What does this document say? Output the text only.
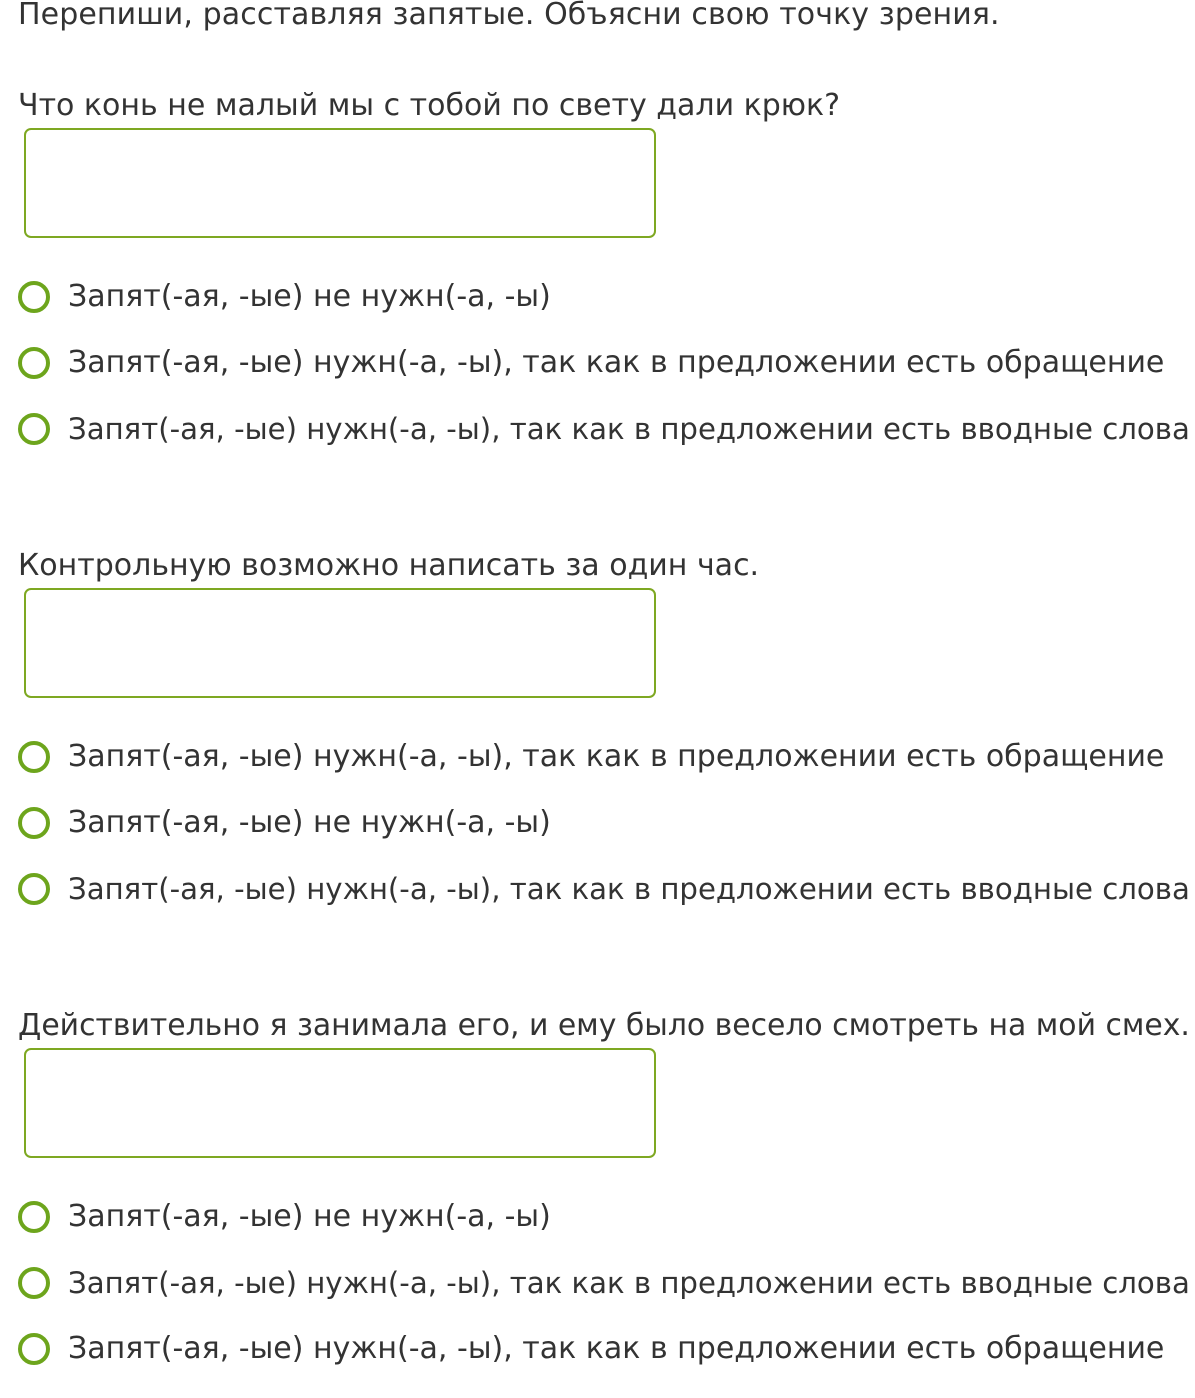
Перепиши, расставляя запятые. Объясни свою точку зрения.
Что конь не малый мы с тобой по свету дали крюк?
Запят(-ая, -ые) не нужн(-а, -ы)
Запят(-ая, -ые) нужн(-а, -ы), так как в предложении есть обращение
Запят(-ая, -ые) нужн(-а, -ы), так как в предложении есть вводные слова
Контрольную возможно написать за один час.
Запят(-ая, -ые) нужн(-а, -ы), так как в предложении есть обращение
Запят(-ая, -ые) не нужн(-а, -ы)
Запят(-ая, -ые) нужн(-а, -ы), так как в предложении есть вводные слова
Действительно я занимала его, и ему было весело смотреть на мой смех.
Запят(-ая, -ые) не нужн(-а, -ы)
Запят(-ая, -ые) нужн(-а, -ы), так как в предложении есть вводные слова
Запят(-ая, -ые) нужн(-а, -ы), так как в предложении есть обращение
